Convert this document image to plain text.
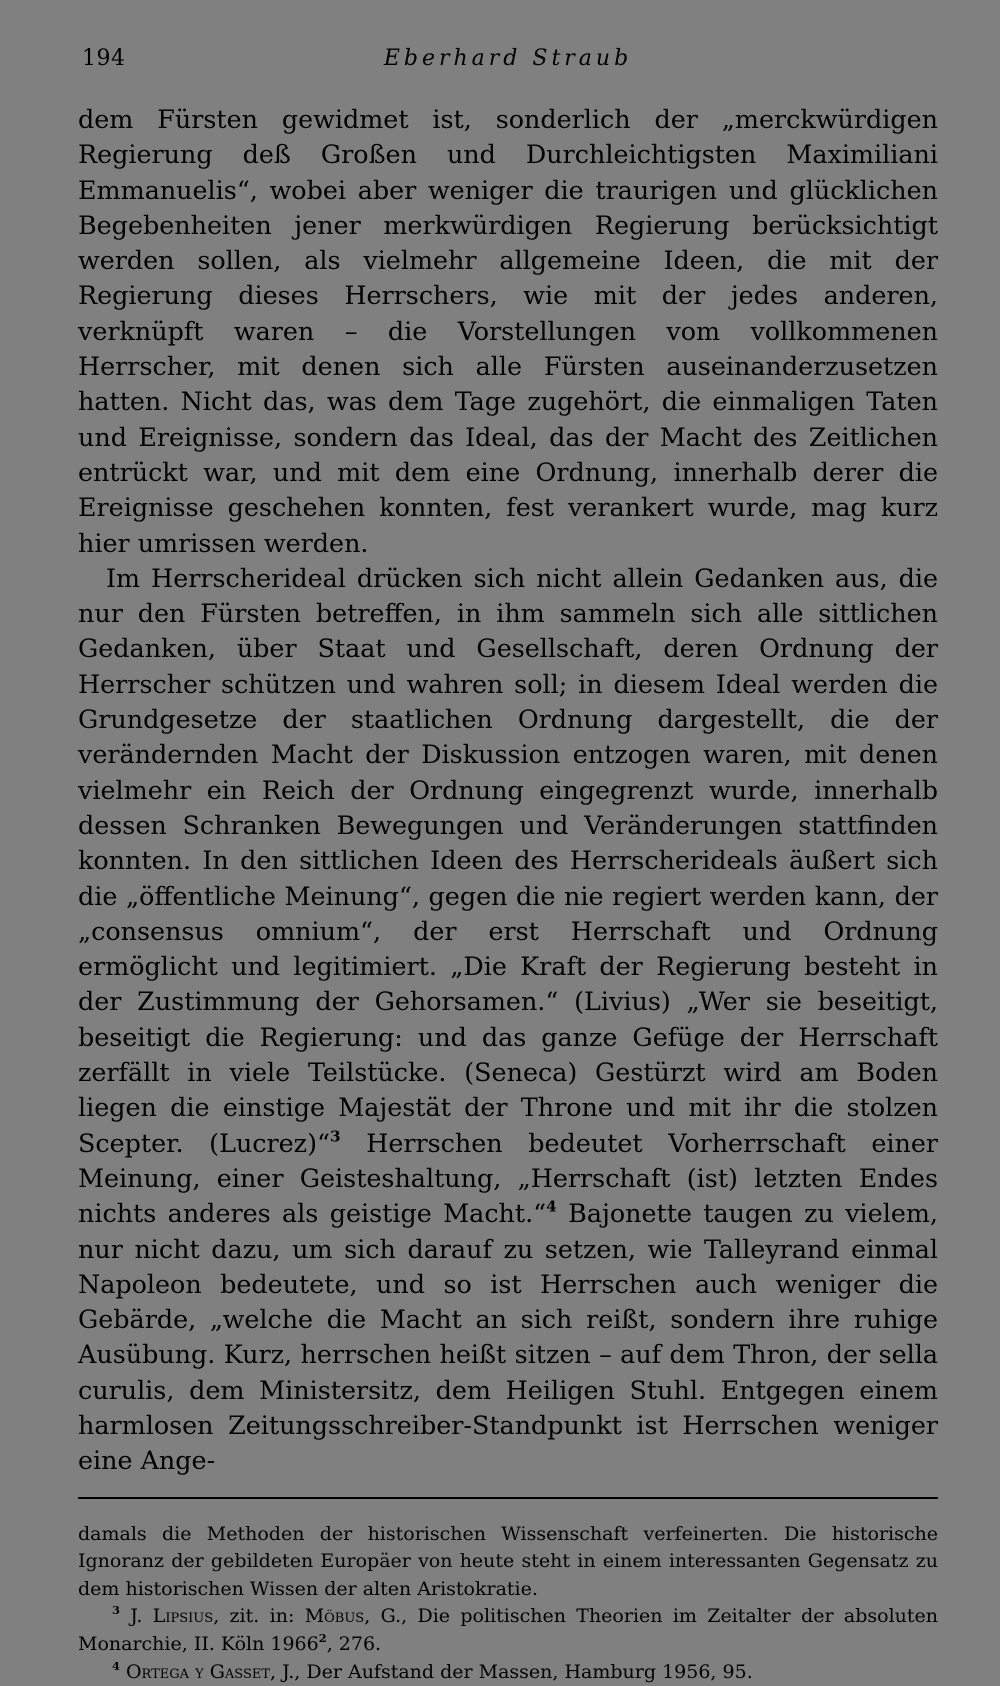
194	Eberhard Straub

dem Fürsten gewidmet ist, sonderlich der „merckwürdigen Regierung deß Großen und Durchleichtigsten Maximiliani Emmanuelis“, wobei aber weniger die traurigen und glücklichen Begebenheiten jener merkwürdigen Regierung berücksichtigt werden sollen, als vielmehr allgemeine Ideen, die mit der Regierung dieses Herrschers, wie mit der jedes anderen, verknüpft waren – die Vorstellungen vom vollkommenen Herrscher, mit denen sich alle Fürsten auseinanderzusetzen hatten. Nicht das, was dem Tage zugehört, die einmaligen Taten und Ereignisse, sondern das Ideal, das der Macht des Zeitlichen entrückt war, und mit dem eine Ordnung, innerhalb derer die Ereignisse geschehen konnten, fest verankert wurde, mag kurz hier umrissen werden.

Im Herrscherideal drücken sich nicht allein Gedanken aus, die nur den Fürsten betreffen, in ihm sammeln sich alle sittlichen Gedanken, über Staat und Gesellschaft, deren Ordnung der Herrscher schützen und wahren soll; in diesem Ideal werden die Grundgesetze der staatlichen Ordnung dargestellt, die der verändernden Macht der Diskussion entzogen waren, mit denen vielmehr ein Reich der Ordnung eingegrenzt wurde, innerhalb dessen Schranken Bewegungen und Veränderungen stattfinden konnten. In den sittlichen Ideen des Herrscherideals äußert sich die „öffentliche Meinung“, gegen die nie regiert werden kann, der „consensus omnium“, der erst Herrschaft und Ordnung ermöglicht und legitimiert. „Die Kraft der Regierung besteht in der Zustimmung der Gehorsamen.“ (Livius) „Wer sie beseitigt, beseitigt die Regierung: und das ganze Gefüge der Herrschaft zerfällt in viele Teilstücke. (Seneca) Gestürzt wird am Boden liegen die einstige Majestät der Throne und mit ihr die stolzen Scepter. (Lucrez)“$^3$ Herrschen bedeutet Vorherrschaft einer Meinung, einer Geisteshaltung, „Herrschaft (ist) letzten Endes nichts anderes als geistige Macht.“$^4$ Bajonette taugen zu vielem, nur nicht dazu, um sich darauf zu setzen, wie Talleyrand einmal Napoleon bedeutete, und so ist Herrschen auch weniger die Gebärde, „welche die Macht an sich reißt, sondern ihre ruhige Ausübung. Kurz, herrschen heißt sitzen – auf dem Thron, der sella curulis, dem Ministersitz, dem Heiligen Stuhl. Entgegen einem harmlosen Zeitungsschreiber-Standpunkt ist Herrschen weniger eine Ange-

damals die Methoden der historischen Wissenschaft verfeinerten. Die historische Ignoranz der gebildeten Europäer von heute steht in einem interessanten Gegensatz zu dem historischen Wissen der alten Aristokratie.

$^3$ J. Lipsius, zit. in: Möbus, G., Die politischen Theorien im Zeitalter der absoluten Monarchie, II. Köln 1966$^2$, 276.

$^4$ Ortega y Gasset, J., Der Aufstand der Massen, Hamburg 1956, 95.
